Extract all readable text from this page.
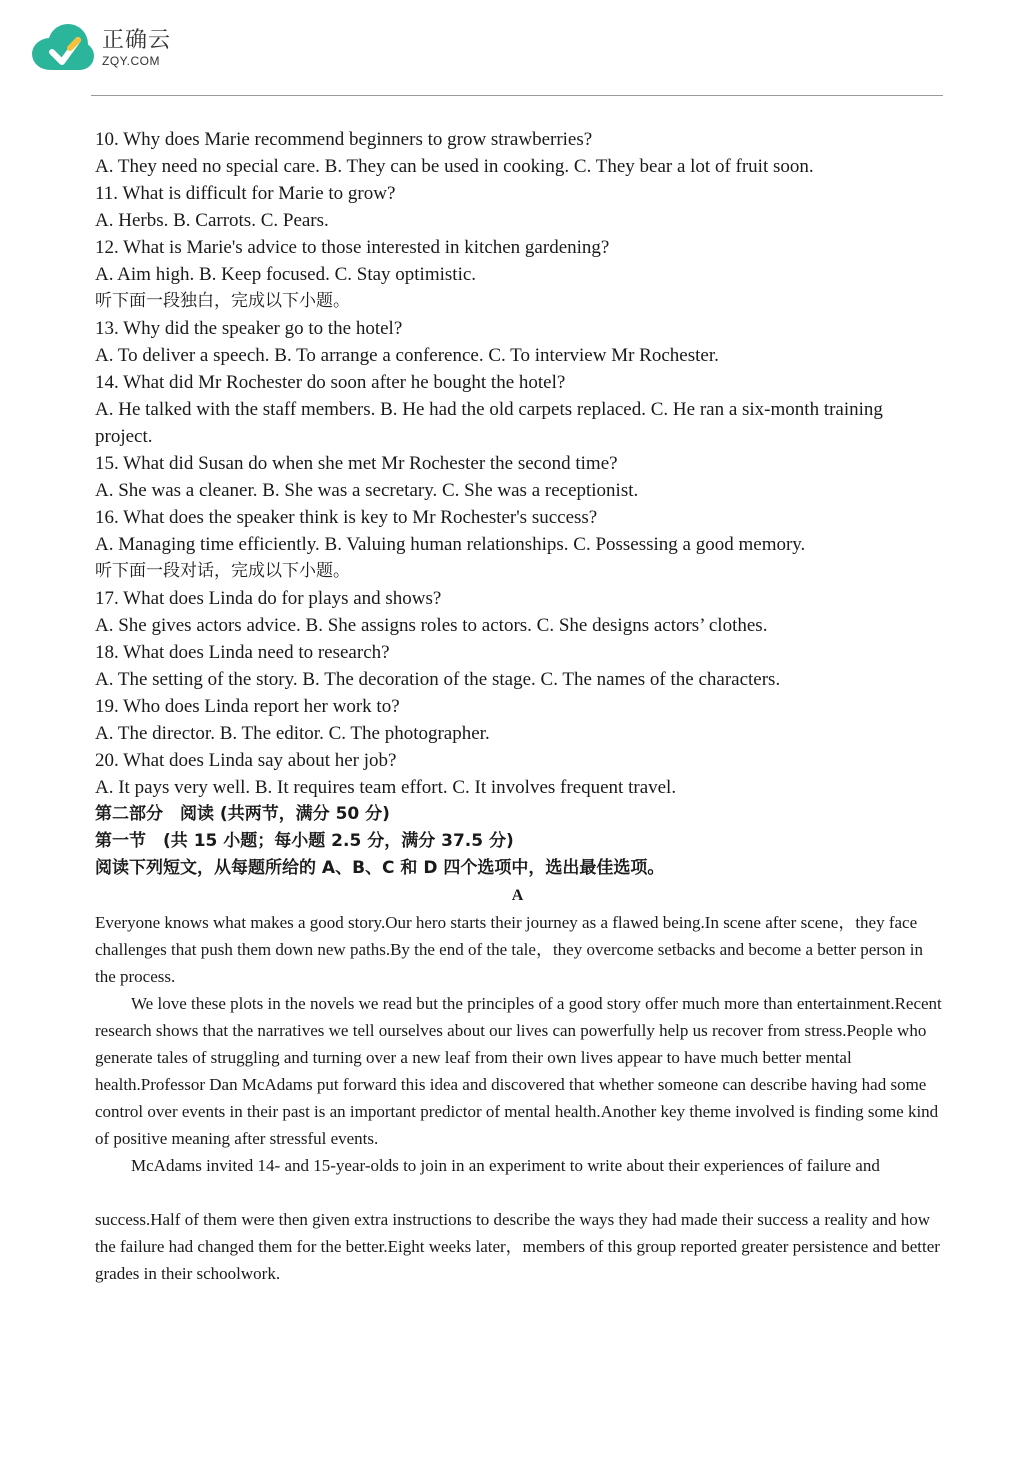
正确云
ZQY.COM
10. Why does Marie recommend beginners to grow strawberries?
A. They need no special care. B. They can be used in cooking. C. They bear a lot of fruit soon.
11. What is difficult for Marie to grow?
A. Herbs. B. Carrots. C. Pears.
12. What is Marie's advice to those interested in kitchen gardening?
A. Aim high. B. Keep focused. C. Stay optimistic.
听下面一段独白，完成以下小题。
13. Why did the speaker go to the hotel?
A. To deliver a speech. B. To arrange a conference. C. To interview Mr Rochester.
14. What did Mr Rochester do soon after he bought the hotel?
A. He talked with the staff members. B. He had the old carpets replaced. C. He ran a six-month training project.
15. What did Susan do when she met Mr Rochester the second time?
A. She was a cleaner. B. She was a secretary. C. She was a receptionist.
16. What does the speaker think is key to Mr Rochester's success?
A. Managing time efficiently. B. Valuing human relationships. C. Possessing a good memory.
听下面一段对话，完成以下小题。
17. What does Linda do for plays and shows?
A. She gives actors advice. B. She assigns roles to actors. C. She designs actors’ clothes.
18. What does Linda need to research?
A. The setting of the story. B. The decoration of the stage. C. The names of the characters.
19. Who does Linda report her work to?
A. The director. B. The editor. C. The photographer.
20. What does Linda say about her job?
A. It pays very well. B. It requires team effort. C. It involves frequent travel.
第二部分　阅读 (共两节，满分 50 分)
第一节　(共 15 小题；每小题 2.5 分，满分 37.5 分)
阅读下列短文，从每题所给的 A、B、C 和 D 四个选项中，选出最佳选项。
A
Everyone knows what makes a good story.Our hero starts their journey as a flawed being.In scene after scene，they face challenges that push them down new paths.By the end of the tale，they overcome setbacks and become a better person in the process.
We love these plots in the novels we read but the principles of a good story offer much more than entertainment.Recent research shows that the narratives we tell ourselves about our lives can powerfully help us recover from stress.People who generate tales of struggling and turning over a new leaf from their own lives appear to have much better mental health.Professor Dan McAdams put forward this idea and discovered that whether someone can describe having had some control over events in their past is an important predictor of mental health.Another key theme involved is finding some kind of positive meaning after stressful events.
McAdams invited 14- and 15-year-olds to join in an experiment to write about their experiences of failure and
success.Half of them were then given extra instructions to describe the ways they had made their success a reality and how the failure had changed them for the better.Eight weeks later，members of this group reported greater persistence and better grades in their schoolwork.
